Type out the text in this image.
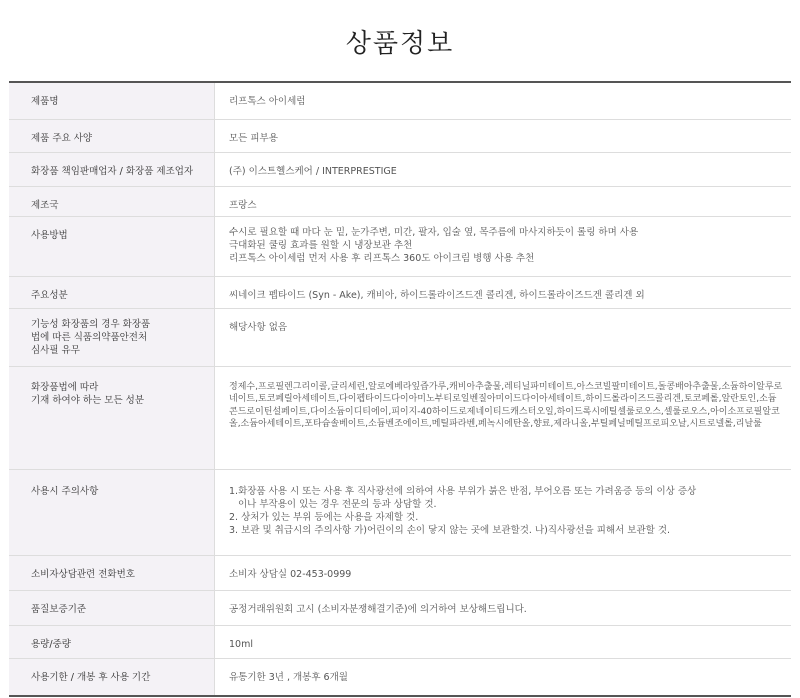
상품정보
제품명	리프톡스 아이세럼

제품 주요 사양	모든 피부용

화장품 책임판매업자 / 화장품 제조업자	(주) 이스트헬스케어 / INTERPRESTIGE

제조국	프랑스

사용방법	수시로 필요할 때 마다 눈 밑, 눈가주변, 미간, 팔자, 입술 옆, 목주름에 마사지하듯이 롤링 하며 사용
극대화된 쿨링 효과를 원할 시 냉장보관 추천
리프톡스 아이세럼 먼저 사용 후 리프톡스 360도 아이크림 병행 사용 추천

주요성분	씨네이크 펩타이드 (Syn - Ake), 캐비아, 하이드롤라이즈드겐 콜리겐, 하이드롤라이즈드겐 콜리겐 외

기능성 화장품의 경우 화장품
법에 따른 식품의약품안전처
심사필 유무	해당사항 없음

화장품법에 따라
기재 하여야 하는 모든 성분	정제수,프로필렌그리이콜,글리세린,알로에베라잎즙가루,캐비아추출물,레티닐파미테이트,아스코빌팔미테이트,돌콩배아추출물,소듐하이알루로네이트,토코페릴아세테이트,다이펩타이드다이아미노부티로일벤질아미이드다이아세테이트,하이드롤라이즈드콜리겐,토코페롤,알란토인,소듐콘드로이틴설페이트,다이소듐이디티에이,피이지-40하이드로제네이티드캐스터오일,하이드록시에틸셀룰로오스,셀룰로오스,아이소프로필알코올,소듐아세테이트,포타슘솔베이트,소듐벤조에이트,메틸파라벤,페녹시에탄올,향료,제라니올,부틸페닐메틸프로피오날,시트로넬롤,리날룰
사용시 주의사항	1.화장품 사용 시 또는 사용 후 직사광선에 의하여 사용 부위가 붉은 반점, 부어오름 또는 가려움증 등의 이상 증상
이나 부작용이 있는 경우 전문의 등과 상담할 것.
2. 상처가 있는 부위 등에는 사용을 자제할 것.
3. 보관 및 취급시의 주의사항 가)어린이의 손이 닿지 않는 곳에 보관할것. 나)직사광선을 피해서 보관할 것.

소비자상담관련 전화번호	소비자 상담실 02-453-0999

품질보증기준	공정거래위원회 고시 (소비자분쟁해결기준)에 의거하여 보상해드립니다.

용량/중량	10ml

사용기한 / 개봉 후 사용 기간	유통기한 3년 , 개봉후 6개월
